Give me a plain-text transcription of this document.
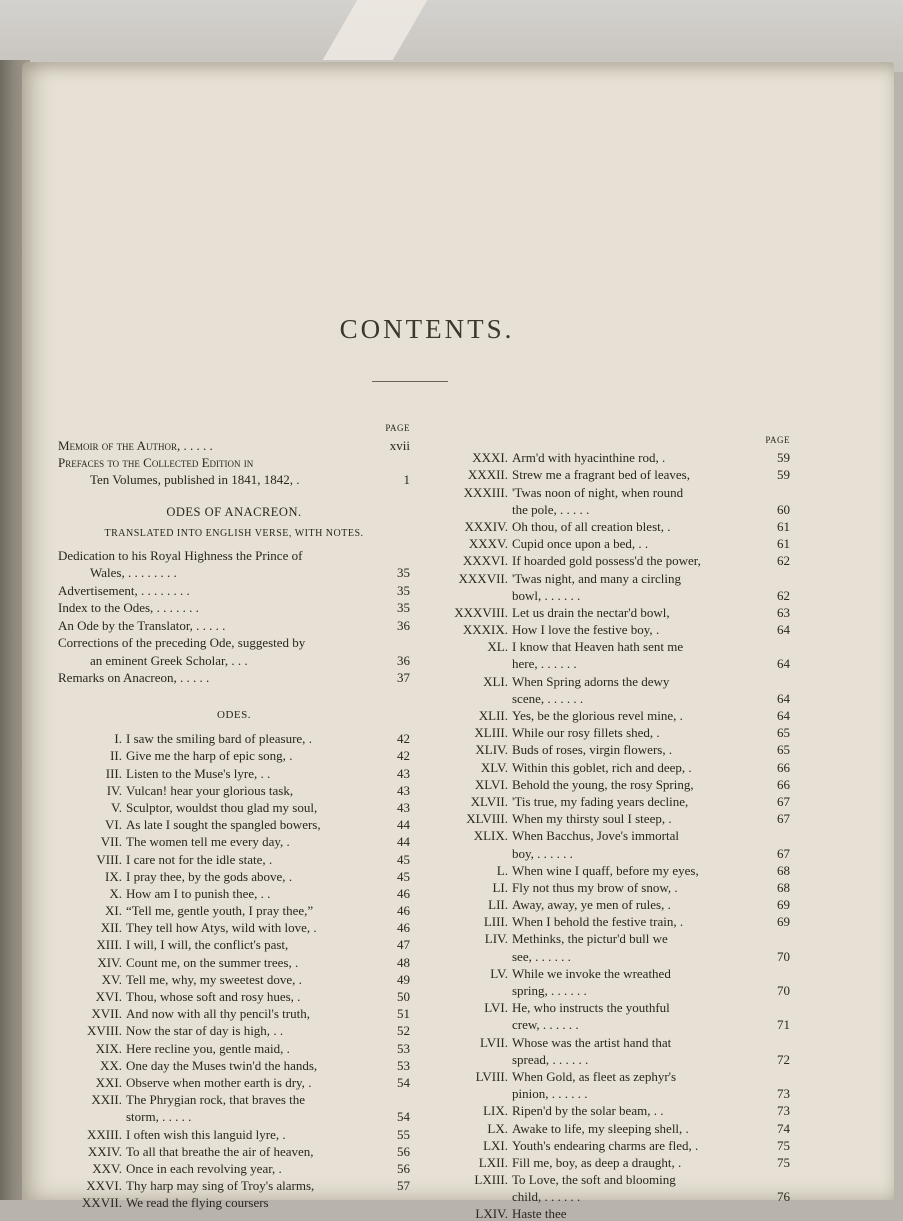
CONTENTS.
PAGE
Memoir of the Author, . . . . .	xvii
Prefaces to the Collected Edition in
Ten Volumes, published in 1841, 1842, .	1
ODES OF ANACREON.
TRANSLATED INTO ENGLISH VERSE, WITH NOTES.
Dedication to his Royal Highness the Prince of
Wales, . . . . . . . .	35
Advertisement, . . . . . . . .	35
Index to the Odes, . . . . . . .	35
An Ode by the Translator, . . . . .	36
Corrections of the preceding Ode, suggested by
an eminent Greek Scholar, . . .	36
Remarks on Anacreon, . . . . .	37
ODES.
I. I saw the smiling bard of pleasure, .	42
II. Give me the harp of epic song, .	42
III. Listen to the Muse's lyre, . .	43
IV. Vulcan! hear your glorious task,	43
V. Sculptor, wouldst thou glad my soul,	43
VI. As late I sought the spangled bowers,	44
VII. The women tell me every day, .	44
VIII. I care not for the idle state, .	45
IX. I pray thee, by the gods above, .	45
X. How am I to punish thee, . .	46
XI. “Tell me, gentle youth, I pray thee,”	46
XII. They tell how Atys, wild with love, .	46
XIII. I will, I will, the conflict's past,	47
XIV. Count me, on the summer trees, .	48
XV. Tell me, why, my sweetest dove, .	49
XVI. Thou, whose soft and rosy hues, .	50
XVII. And now with all thy pencil's truth,	51
XVIII. Now the star of day is high, . .	52
XIX. Here recline you, gentle maid, .	53
XX. One day the Muses twin'd the hands,	53
XXI. Observe when mother earth is dry, .	54
XXII. The Phrygian rock, that braves the
storm, . . . . .	54
XXIII. I often wish this languid lyre, .	55
XXIV. To all that breathe the air of heaven,	56
XXV. Once in each revolving year, .	56
XXVI. Thy harp may sing of Troy's alarms,	57
XXVII. We read the flying coursers
PAGE
XXXI. Arm'd with hyacinthine rod, .	59
XXXII. Strew me a fragrant bed of leaves,	59
XXXIII. 'Twas noon of night, when round
the pole, . . . . .	60
XXXIV. Oh thou, of all creation blest, .	61
XXXV. Cupid once upon a bed, . .	61
XXXVI. If hoarded gold possess'd the power,	62
XXXVII. 'Twas night, and many a circling
bowl, . . . . . .	62
XXXVIII. Let us drain the nectar'd bowl,	63
XXXIX. How I love the festive boy, .	64
XL. I know that Heaven hath sent me
here, . . . . . .	64
XLI. When Spring adorns the dewy
scene, . . . . . .	64
XLII. Yes, be the glorious revel mine, .	64
XLIII. While our rosy fillets shed, .	65
XLIV. Buds of roses, virgin flowers, .	65
XLV. Within this goblet, rich and deep, .	66
XLVI. Behold the young, the rosy Spring,	66
XLVII. 'Tis true, my fading years decline,	67
XLVIII. When my thirsty soul I steep, .	67
XLIX. When Bacchus, Jove's immortal
boy, . . . . . .	67
L. When wine I quaff, before my eyes,	68
LI. Fly not thus my brow of snow, .	68
LII. Away, away, ye men of rules, .	69
LIII. When I behold the festive train, .	69
LIV. Methinks, the pictur'd bull we
see, . . . . . .	70
LV. While we invoke the wreathed
spring, . . . . . .	70
LVI. He, who instructs the youthful
crew, . . . . . .	71
LVII. Whose was the artist hand that
spread, . . . . . .	72
LVIII. When Gold, as fleet as zephyr's
pinion, . . . . . .	73
LIX. Ripen'd by the solar beam, . .	73
LX. Awake to life, my sleeping shell, .	74
LXI. Youth's endearing charms are fled, .	75
LXII. Fill me, boy, as deep a draught, .	75
LXIII. To Love, the soft and blooming
child, . . . . . .	76
LXIV. Haste thee
